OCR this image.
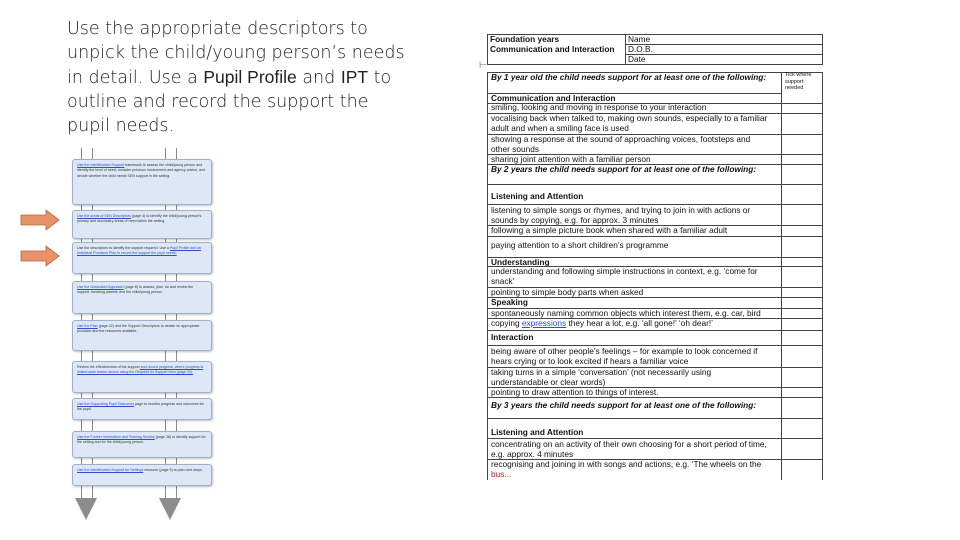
Use the appropriate descriptors to
unpick the child/young person’s needs
in detail. Use a Pupil Profile and IPT to
outline and record the support the
pupil needs.
Use the Identification Support framework to assess the child/young person and identify the level of need; consider previous involvement and agency advice, and decide whether the child needs SEN support in the setting.
Use the areas of SEN Descriptors (page 4) to identify the child/young person's primary and secondary areas of need within the setting.
Use the descriptors to identify the support required. Use a Pupil Profile and an Individual Provision Plan to record the support the pupil needs.
Use the Graduated Approach (page 8) to assess, plan, do and review the support, involving parents and the child/young person.
Use the Plan (page 22) and the Support Descriptors to decide on appropriate provision and the resources available.
Review the effectiveness of the support and record progress; where progress is limited seek further advice using the Request for Support form (page 30).
Use the Supporting Pupil Outcomes page to monitor progress and outcomes for the pupil.
Use the Further Information and Training Section (page 38) to identify support for the setting and for the child/young person.
Use the Identification Support for Settings resource (page 5) to plan next steps.
⊢
Foundation years
Communication and Interaction
Name
D.O.B.
Date
By 1 year old the child needs support for at least one of the following:	Tick where
support
needed
Communication and Interaction
smiling, looking and moving in response to your interaction
vocalising back when talked to, making own sounds, especially to a familiar
adult and when a smiling face is used
showing a response at the sound of approaching voices, footsteps and
other sounds
sharing joint attention with a familiar person
By 2 years the child needs support for at least one of the following:
Listening and Attention
listening to simple songs or rhymes, and trying to join in with actions or
sounds by copying, e.g. for approx. 3 minutes
following a simple picture book when shared with a familiar adult
paying attention to a short children’s programme
Understanding
understanding and following simple instructions in context, e.g. ‘come for
snack’
pointing to simple body parts when asked
Speaking
spontaneously naming common objects which interest them, e.g. car, bird
copying expressions they hear a lot, e.g. ‘all gone!’ ‘oh dear!’
Interaction
being aware of other people’s feelings – for example to look concerned if
hears crying or to look excited if hears a familiar voice
taking turns in a simple ‘conversation’ (not necessarily using
understandable or clear words)
pointing to draw attention to things of interest.
By 3 years the child needs support for at least one of the following:
Listening and Attention
concentrating on an activity of their own choosing for a short period of time,
e.g. approx. 4 minutes
recognising and joining in with songs and actions, e.g. ‘The wheels on the
bus...
